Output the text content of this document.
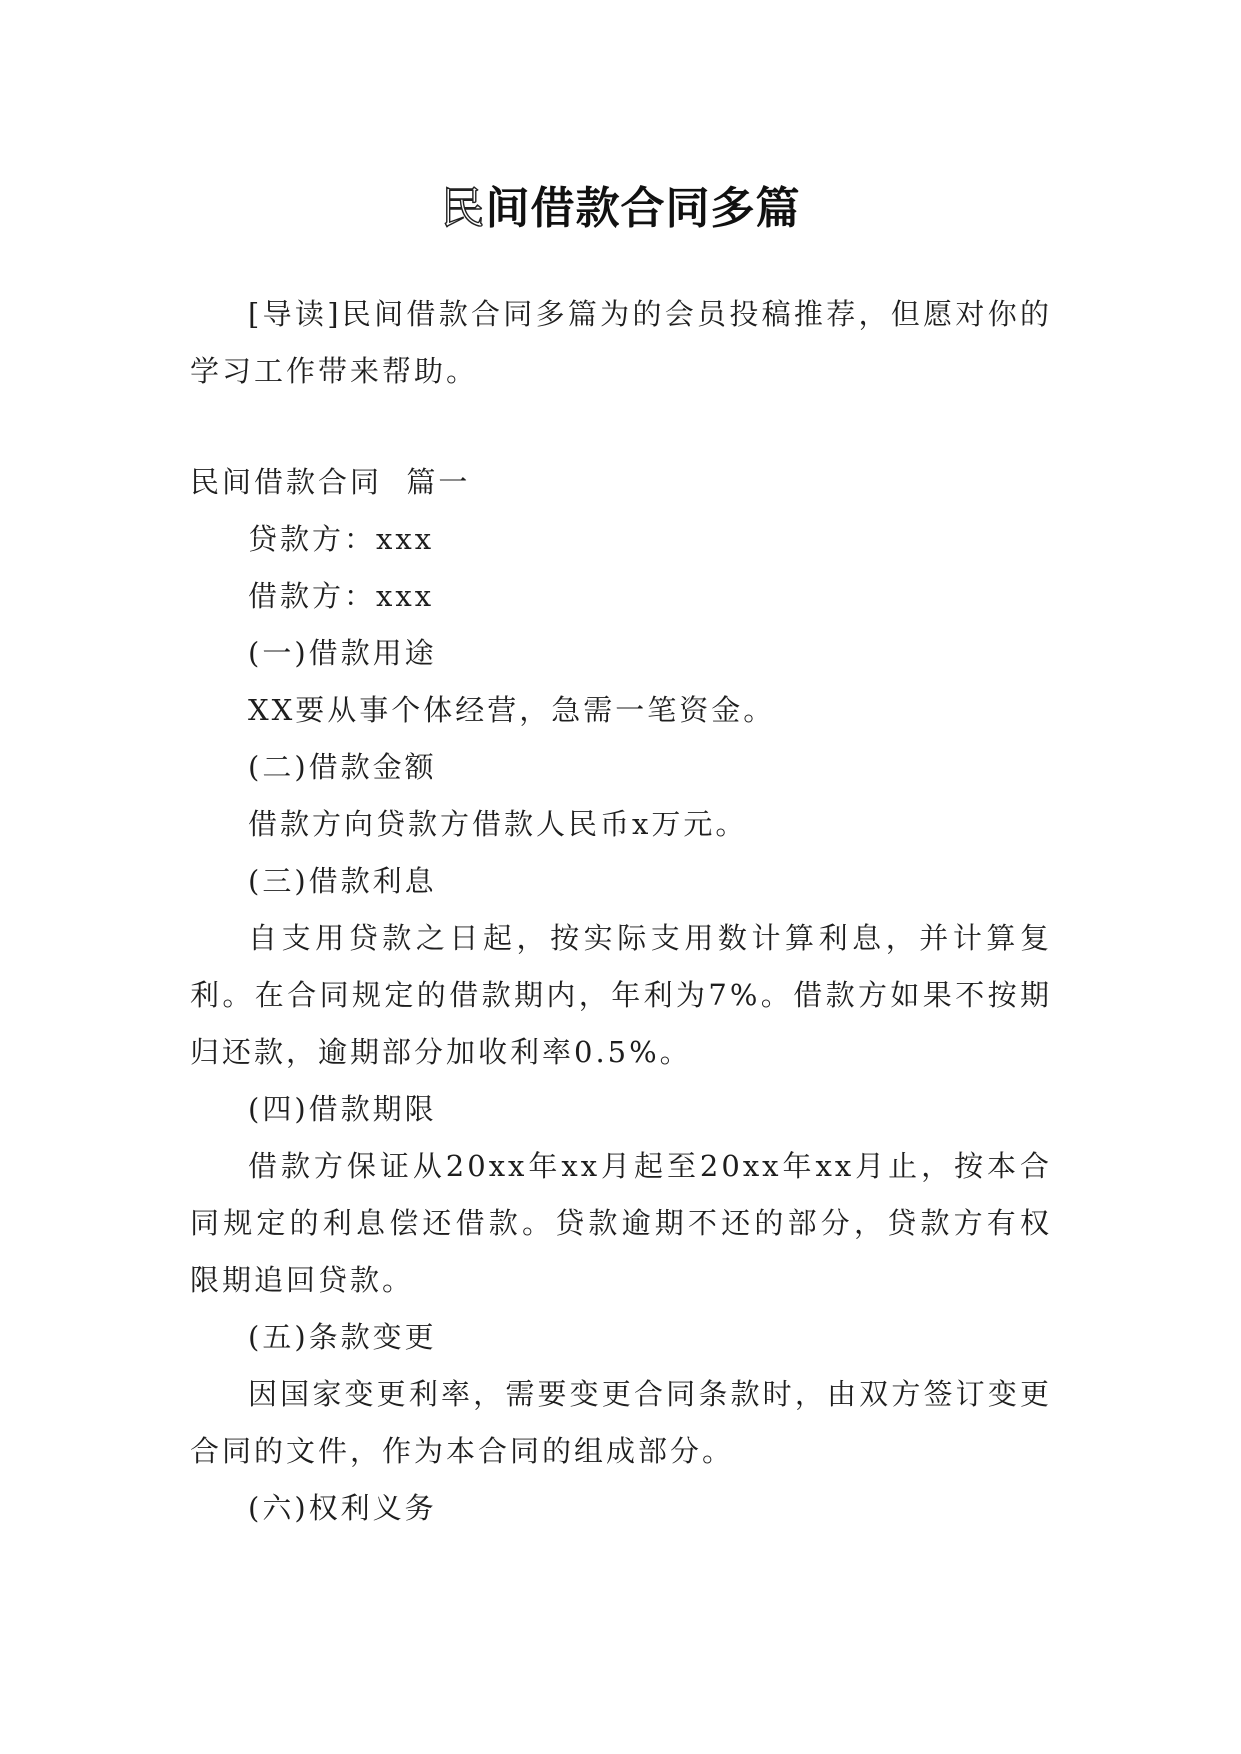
民间借款合同多篇

[导读]民间借款合同多篇为的会员投稿推荐，但愿对你的学习工作带来帮助。

民间借款合同  篇一

贷款方：xxx

借款方：xxx

(一)借款用途

XX要从事个体经营，急需一笔资金。

(二)借款金额

借款方向贷款方借款人民币x万元。

(三)借款利息

自支用贷款之日起，按实际支用数计算利息，并计算复利。在合同规定的借款期内，年利为7%。借款方如果不按期归还款，逾期部分加收利率0.5%。

(四)借款期限

借款方保证从20xx年xx月起至20xx年xx月止，按本合同规定的利息偿还借款。贷款逾期不还的部分，贷款方有权限期追回贷款。

(五)条款变更

因国家变更利率，需要变更合同条款时，由双方签订变更合同的文件，作为本合同的组成部分。

(六)权利义务
